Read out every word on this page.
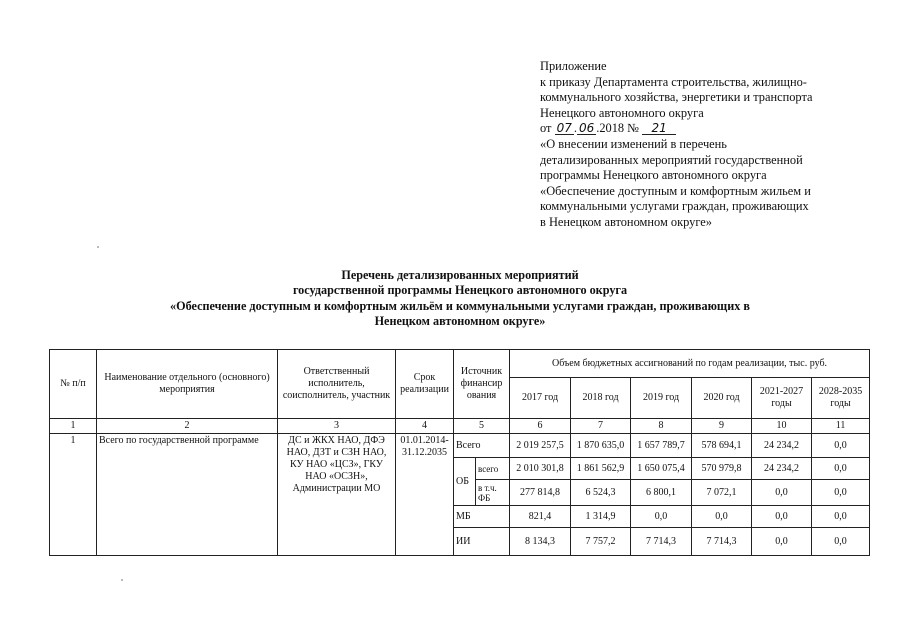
Приложение
к приказу Департамента строительства, жилищно-
коммунального хозяйства, энергетики и транспорта
Ненецкого автономного округа
от 07 . 06 .2018 № 21
«О внесении изменений в перечень
детализированных мероприятий государственной
программы Ненецкого автономного округа
«Обеспечение доступным и комфортным жильем и
коммунальными услугами граждан, проживающих
в Ненецком автономном округе»
Перечень детализированных мероприятий
государственной программы Ненецкого автономного округа
«Обеспечение доступным и комфортным жильём и коммунальными услугами граждан, проживающих в
Ненецком автономном округе»
№ п/п	Наименование отдельного (основного) мероприятия	Ответственный исполнитель, соисполнитель, участник	Срок реализации	Источник финансир ования		Объем бюджетных ассигнований по годам реализации, тыс. руб.					
						2017 год	2018 год	2019 год	2020 год	2021-2027 годы	2028-2035 годы
1	2	3	4	5		6	7	8	9	10	11
1	Всего по государственной программе	ДС и ЖКХ НАО, ДФЭ НАО, ДЗТ и СЗН НАО, КУ НАО «ЦСЗ», ГКУ НАО «ОСЗН», Администрации МО	01.01.2014-31.12.2035	Всего		2 019 257,5	1 870 635,0	1 657 789,7	578 694,1	24 234,2	0,0
				ОБ	всего	2 010 301,8	1 861 562,9	1 650 075,4	570 979,8	24 234,2	0,0
					в т.ч. ФБ	277 814,8	6 524,3	6 800,1	7 072,1	0,0	0,0
				МБ		821,4	1 314,9	0,0	0,0	0,0	0,0
				ИИ		8 134,3	7 757,2	7 714,3	7 714,3	0,0	0,0
